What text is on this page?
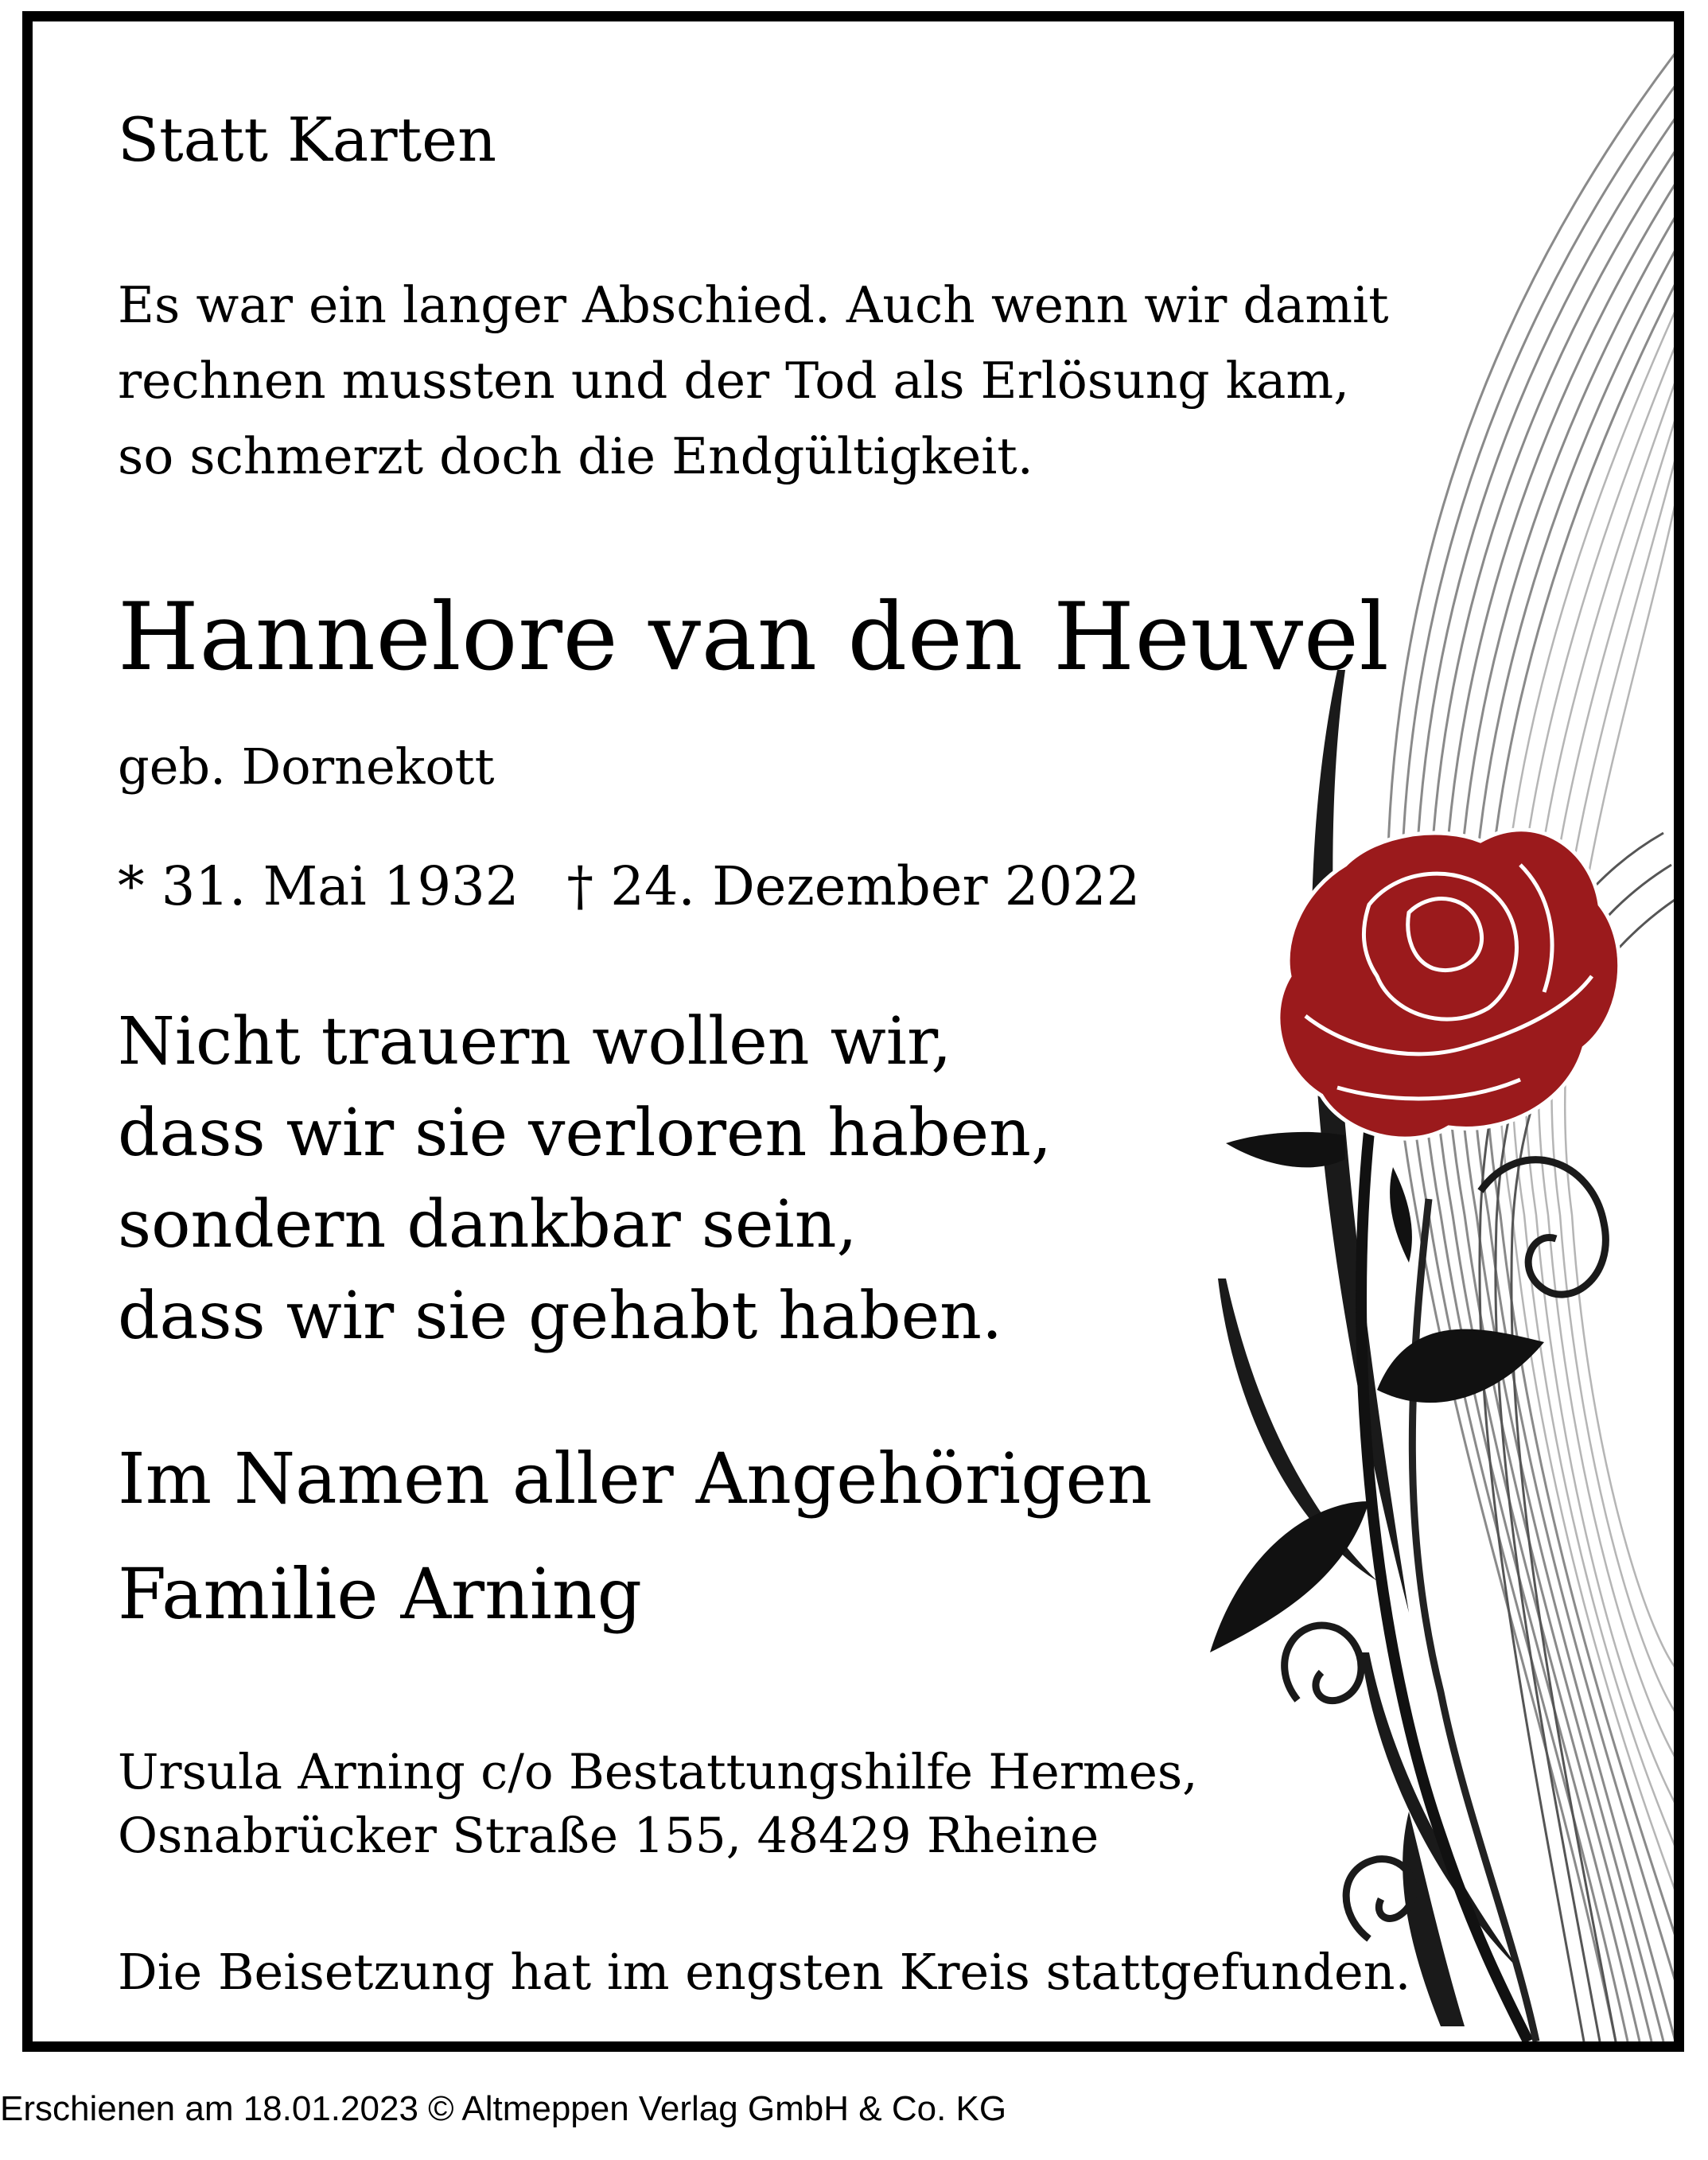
Statt Karten
Es war ein langer Abschied. Auch wenn wir damit
rechnen mussten und der Tod als Erlösung kam,
so schmerzt doch die Endgültigkeit.
Hannelore van den Heuvel
geb. Dornekott
* 31. Mai 1932 † 24. Dezember 2022
Nicht trauern wollen wir,
dass wir sie verloren haben,
sondern dankbar sein,
dass wir sie gehabt haben.
Im Namen aller Angehörigen
Familie Arning
Ursula Arning c/o Bestattungshilfe Hermes,
Osnabrücker Straße 155, 48429 Rheine
Die Beisetzung hat im engsten Kreis stattgefunden.
Erschienen am 18.01.2023 © Altmeppen Verlag GmbH & Co. KG
